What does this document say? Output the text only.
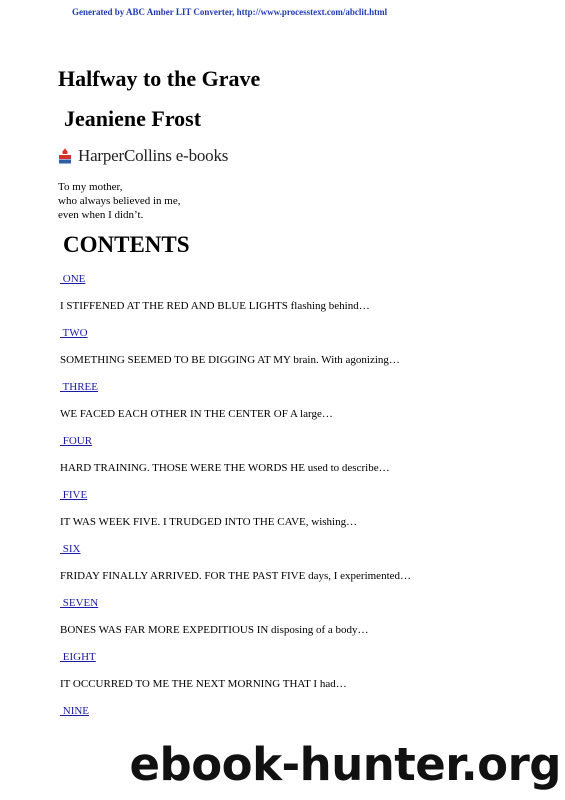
Generated by ABC Amber LIT Converter, http://www.processtext.com/abclit.html
Halfway to the Grave
Jeaniene Frost
HarperCollins e-books
To my mother,
who always believed in me,
even when I didn’t.
CONTENTS
ONE
I STIFFENED AT THE RED AND BLUE LIGHTS flashing behind…
TWO
SOMETHING SEEMED TO BE DIGGING AT MY brain. With agonizing…
THREE
WE FACED EACH OTHER IN THE CENTER OF A large…
FOUR
HARD TRAINING. THOSE WERE THE WORDS HE used to describe…
FIVE
IT WAS WEEK FIVE. I TRUDGED INTO THE CAVE, wishing…
SIX
FRIDAY FINALLY ARRIVED. FOR THE PAST FIVE days, I experimented…
SEVEN
BONES WAS FAR MORE EXPEDITIOUS IN disposing of a body…
EIGHT
IT OCCURRED TO ME THE NEXT MORNING THAT I had…
NINE
ebook-hunter.org
